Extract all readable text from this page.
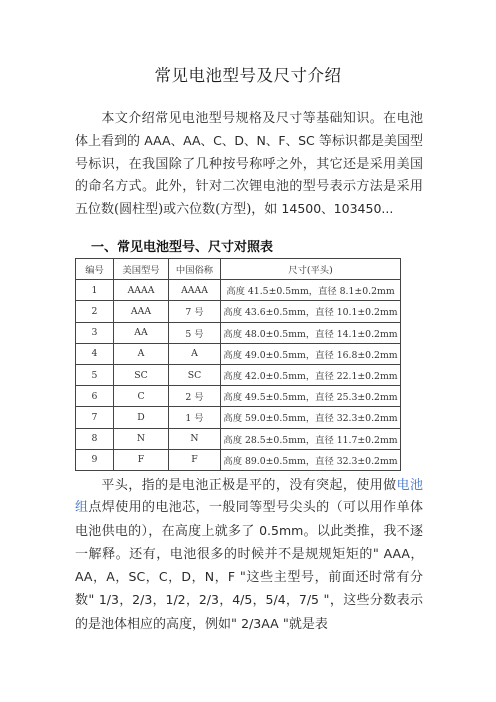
常见电池型号及尺寸介绍
本文介绍常见电池型号规格及尺寸等基础知识。在电池体上看到的 AAA、AA、C、D、N、F、SC 等标识都是美国型号标识，在我国除了几种按号称呼之外，其它还是采用美国的命名方式。此外，针对二次锂电池的型号表示方法是采用五位数(圆柱型)或六位数(方型)，如 14500、103450...
一、常见电池型号、尺寸对照表
编号	美国型号	中国俗称	尺寸(平头)
1	AAAA	AAAA	高度 41.5±0.5mm，直径 8.1±0.2mm
2	AAA	7 号	高度 43.6±0.5mm，直径 10.1±0.2mm
3	AA	5 号	高度 48.0±0.5mm，直径 14.1±0.2mm
4	A	A	高度 49.0±0.5mm，直径 16.8±0.2mm
5	SC	SC	高度 42.0±0.5mm，直径 22.1±0.2mm
6	C	2 号	高度 49.5±0.5mm，直径 25.3±0.2mm
7	D	1 号	高度 59.0±0.5mm，直径 32.3±0.2mm
8	N	N	高度 28.5±0.5mm，直径 11.7±0.2mm
9	F	F	高度 89.0±0.5mm，直径 32.3±0.2mm
平头，指的是电池正极是平的，没有突起，使用做电池组点焊使用的电池芯，一般同等型号尖头的（可以用作单体电池供电的），在高度上就多了 0.5mm。以此类推，我不逐一解释。还有，电池很多的时候并不是规规矩矩的" AAA，AA，A，SC，C，D，N，F "这些主型号，前面还时常有分数" 1/3，2/3，1/2，2/3，4/5，5/4，7/5 "，这些分数表示的是池体相应的高度，例如" 2/3AA "就是表
